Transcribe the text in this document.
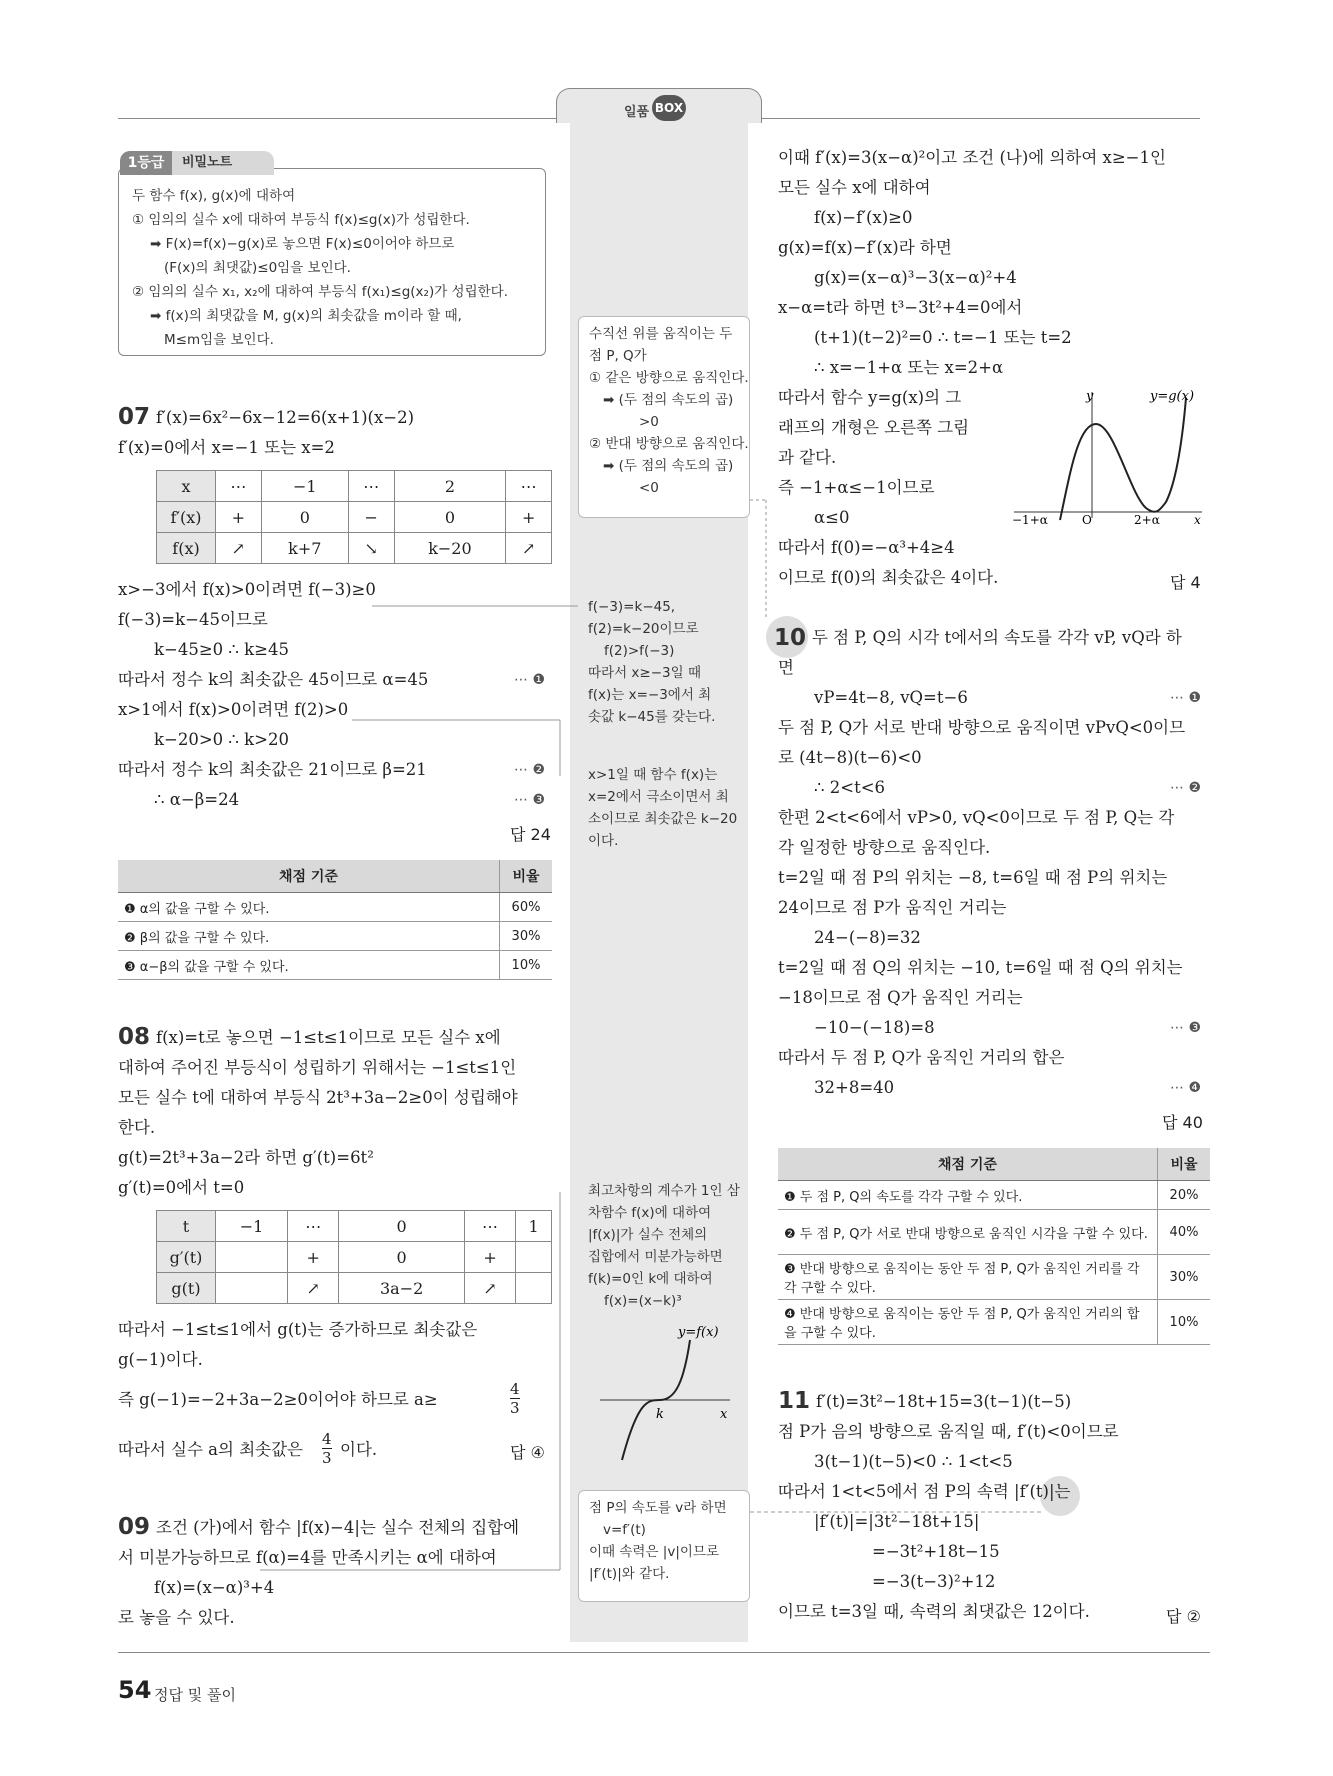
일품 BOX
1등급	비밀노트
두 함수 f(x), g(x)에 대하여
① 임의의 실수 x에 대하여 부등식 f(x)≤g(x)가 성립한다.
➡ F(x)=f(x)−g(x)로 놓으면 F(x)≤0이어야 하므로
(F(x)의 최댓값)≤0임을 보인다.
② 임의의 실수 x₁, x₂에 대하여 부등식 f(x₁)≤g(x₂)가 성립한다.
➡ f(x)의 최댓값을 M, g(x)의 최솟값을 m이라 할 때,
M≤m임을 보인다.
07 f′(x)=6x²−6x−12=6(x+1)(x−2)
f′(x)=0에서 x=−1 또는 x=2
x	⋯	−1	⋯	2	⋯
f′(x)	+	0	−	0	+
f(x)	↗	k+7	↘	k−20	↗
x>−3에서 f(x)>0이려면 f(−3)≥0
f(−3)=k−45이므로
k−45≥0 ∴ k≥45
따라서 정수 k의 최솟값은 45이므로 α=45	⋯ ❶
x>1에서 f(x)>0이려면 f(2)>0
k−20>0 ∴ k>20
따라서 정수 k의 최솟값은 21이므로 β=21	⋯ ❷
∴ α−β=24	⋯ ❸
답 24
채점 기준	비율
❶ α의 값을 구할 수 있다.	60%
❷ β의 값을 구할 수 있다.	30%
❸ α−β의 값을 구할 수 있다.	10%
08 f(x)=t로 놓으면 −1≤t≤1이므로 모든 실수 x에
대하여 주어진 부등식이 성립하기 위해서는 −1≤t≤1인
모든 실수 t에 대하여 부등식 2t³+3a−2≥0이 성립해야
한다.
g(t)=2t³+3a−2라 하면 g′(t)=6t²
g′(t)=0에서 t=0
t	−1	⋯	0	⋯	1
g′(t)		+	0	+	
g(t)		↗	3a−2	↗	
따라서 −1≤t≤1에서 g(t)는 증가하므로 최솟값은
g(−1)이다.
즉 g(−1)=−2+3a−2≥0이어야 하므로 a≥
4
3
따라서 실수 a의 최솟값은
4
3 이다.	답 ④
09 조건 (가)에서 함수 |f(x)−4|는 실수 전체의 집합에
서 미분가능하므로 f(α)=4를 만족시키는 α에 대하여
f(x)=(x−α)³+4
로 놓을 수 있다.
수직선 위를 움직이는 두
점 P, Q가
① 같은 방향으로 움직인다.
➡ (두 점의 속도의 곱)
>0
② 반대 방향으로 움직인다.
➡ (두 점의 속도의 곱)
<0
f(−3)=k−45,
f(2)=k−20이므로
f(2)>f(−3)
따라서 x≥−3일 때
f(x)는 x=−3에서 최
솟값 k−45를 갖는다.
x>1일 때 함수 f(x)는
x=2에서 극소이면서 최
소이므로 최솟값은 k−20
이다.
최고차항의 계수가 1인 삼
차함수 f(x)에 대하여
|f(x)|가 실수 전체의
집합에서 미분가능하면
f(k)=0인 k에 대하여
f(x)=(x−k)³
y=f(x)
k	x
점 P의 속도를 v라 하면
v=f′(t)
이때 속력은 |v|이므로
|f′(t)|와 같다.
이때 f′(x)=3(x−α)²이고 조건 (나)에 의하여 x≥−1인
모든 실수 x에 대하여
f(x)−f′(x)≥0
g(x)=f(x)−f′(x)라 하면
g(x)=(x−α)³−3(x−α)²+4
x−α=t라 하면 t³−3t²+4=0에서
(t+1)(t−2)²=0 ∴ t=−1 또는 t=2
∴ x=−1+α 또는 x=2+α
따라서 함수 y=g(x)의 그
래프의 개형은 오른쪽 그림
과 같다.
즉 −1+α≤−1이므로
α≤0
따라서 f(0)=−α³+4≥4
이므로 f(0)의 최솟값은 4이다.	답 4
y	y=g(x)
O
−1+α	2+α	x
10 두 점 P, Q의 시각 t에서의 속도를 각각 vP, vQ라 하
면
vP=4t−8, vQ=t−6	⋯ ❶
두 점 P, Q가 서로 반대 방향으로 움직이면 vPvQ<0이므
로 (4t−8)(t−6)<0
∴ 2<t<6	⋯ ❷
한편 2<t<6에서 vP>0, vQ<0이므로 두 점 P, Q는 각
각 일정한 방향으로 움직인다.
t=2일 때 점 P의 위치는 −8, t=6일 때 점 P의 위치는
24이므로 점 P가 움직인 거리는
24−(−8)=32
t=2일 때 점 Q의 위치는 −10, t=6일 때 점 Q의 위치는
−18이므로 점 Q가 움직인 거리는
−10−(−18)=8	⋯ ❸
따라서 두 점 P, Q가 움직인 거리의 합은
32+8=40	⋯ ❹
답 40
채점 기준	비율
❶ 두 점 P, Q의 속도를 각각 구할 수 있다.	20%
❷ 두 점 P, Q가 서로 반대 방향으로 움직인 시각을 구할 수 있다.	40%
❸ 반대 방향으로 움직이는 동안 두 점 P, Q가 움직인 거리를 각각 구할 수 있다.	30%
❹ 반대 방향으로 움직이는 동안 두 점 P, Q가 움직인 거리의 합을 구할 수 있다.	10%
11 f′(t)=3t²−18t+15=3(t−1)(t−5)
점 P가 음의 방향으로 움직일 때, f′(t)<0이므로
3(t−1)(t−5)<0 ∴ 1<t<5
따라서 1<t<5에서 점 P의 속력 |f′(t)|는
|f′(t)|=|3t²−18t+15|
=−3t²+18t−15
=−3(t−3)²+12
이므로 t=3일 때, 속력의 최댓값은 12이다.	답 ②
54 정답 및 풀이
